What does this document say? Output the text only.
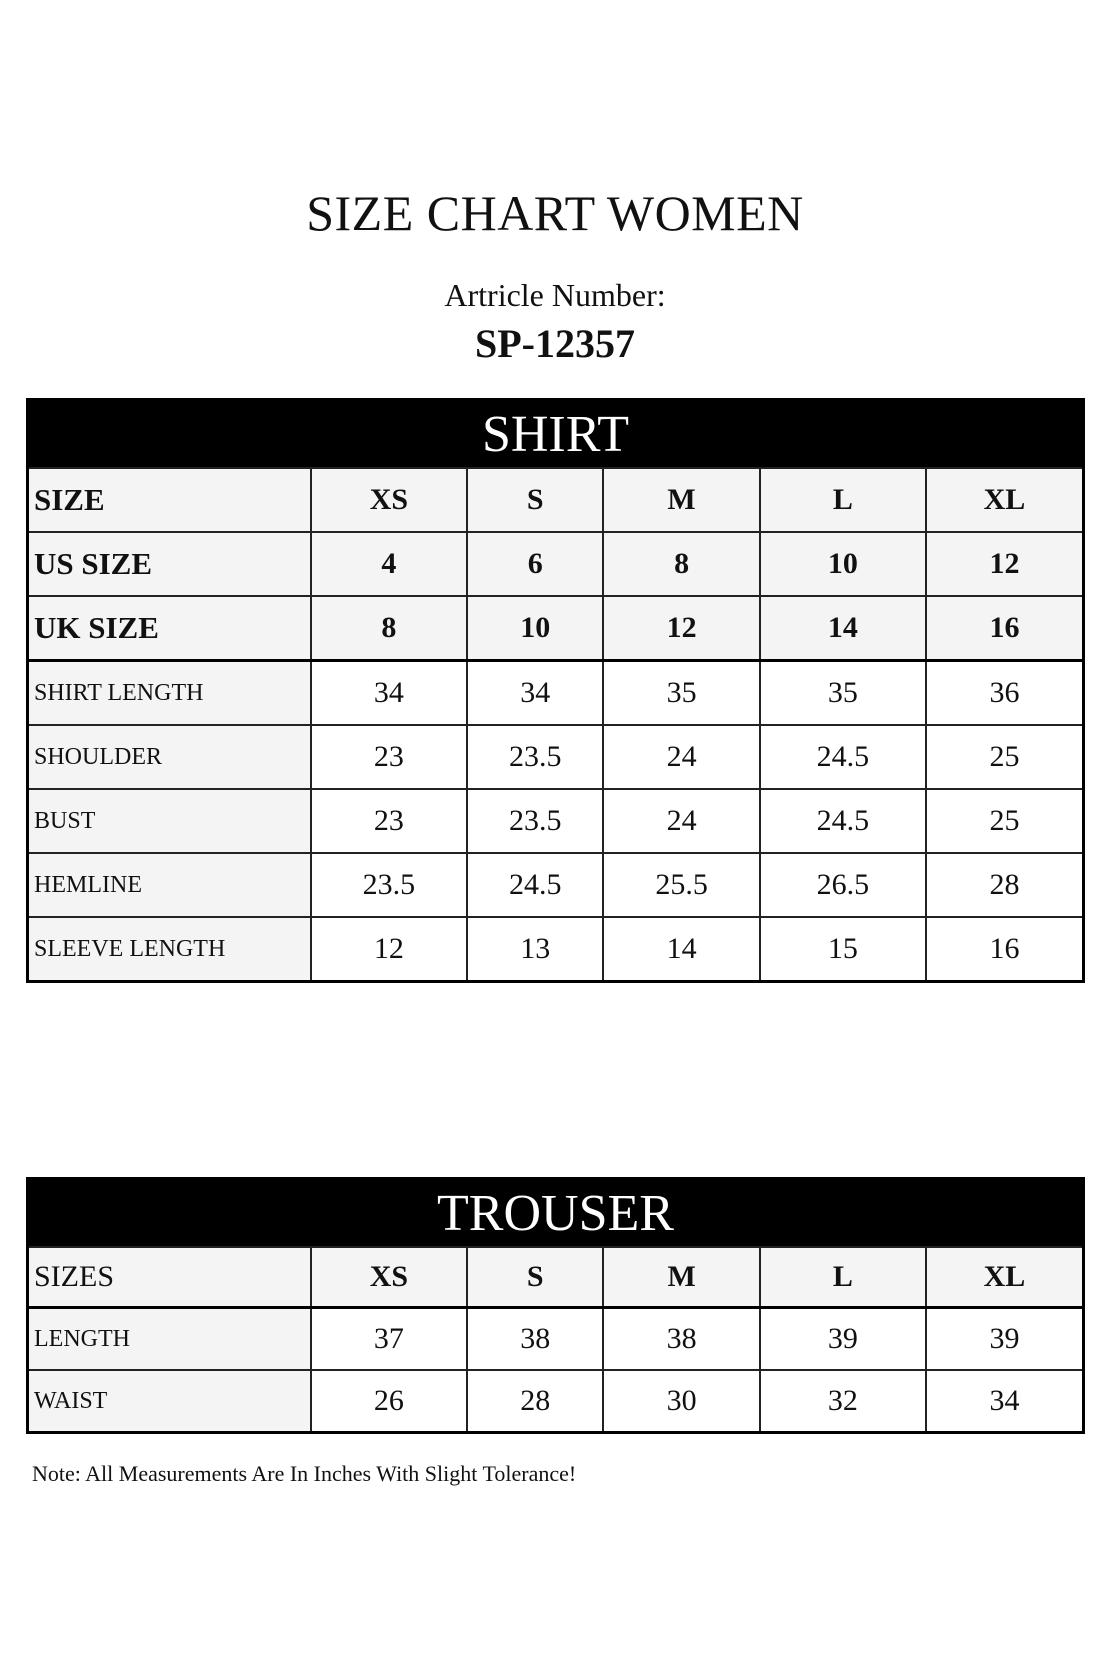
SIZE CHART WOMEN
Artricle Number:
SP-12357
SHIRT					
SIZE	XS	S	M	L	XL
US SIZE	4	6	8	10	12
UK SIZE	8	10	12	14	16
SHIRT LENGTH	34	34	35	35	36
SHOULDER	23	23.5	24	24.5	25
BUST	23	23.5	24	24.5	25
HEMLINE	23.5	24.5	25.5	26.5	28
SLEEVE LENGTH	12	13	14	15	16
TROUSER					
SIZES	XS	S	M	L	XL
LENGTH	37	38	38	39	39
WAIST	26	28	30	32	34
Note: All Measurements Are In Inches With Slight Tolerance!
